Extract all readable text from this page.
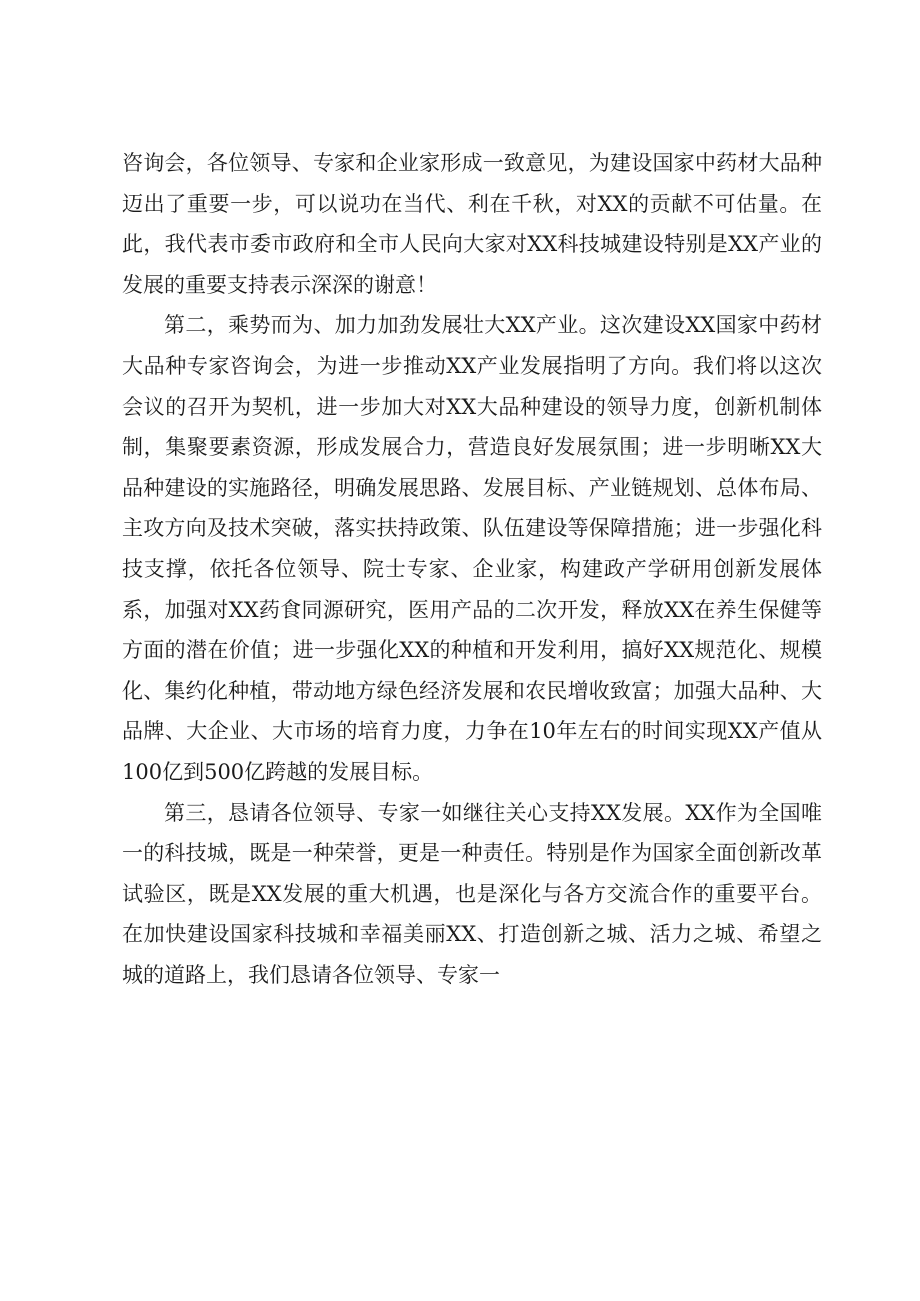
咨询会，各位领导、专家和企业家形成一致意见，为建设国家中药材大品种迈出了重要一步，可以说功在当代、利在千秋，对XX的贡献不可估量。在此，我代表市委市政府和全市人民向大家对XX科技城建设特别是XX产业的发展的重要支持表示深深的谢意！

第二，乘势而为、加力加劲发展壮大XX产业。这次建设XX国家中药材大品种专家咨询会，为进一步推动XX产业发展指明了方向。我们将以这次会议的召开为契机，进一步加大对XX大品种建设的领导力度，创新机制体制，集聚要素资源，形成发展合力，营造良好发展氛围；进一步明晰XX大品种建设的实施路径，明确发展思路、发展目标、产业链规划、总体布局、主攻方向及技术突破，落实扶持政策、队伍建设等保障措施；进一步强化科技支撑，依托各位领导、院士专家、企业家，构建政产学研用创新发展体系，加强对XX药食同源研究，医用产品的二次开发，释放XX在养生保健等方面的潜在价值；进一步强化XX的种植和开发利用，搞好XX规范化、规模化、集约化种植，带动地方绿色经济发展和农民增收致富；加强大品种、大品牌、大企业、大市场的培育力度，力争在10年左右的时间实现XX产值从100亿到500亿跨越的发展目标。

第三，恳请各位领导、专家一如继往关心支持XX发展。XX作为全国唯一的科技城，既是一种荣誉，更是一种责任。特别是作为国家全面创新改革试验区，既是XX发展的重大机遇，也是深化与各方交流合作的重要平台。在加快建设国家科技城和幸福美丽XX、打造创新之城、活力之城、希望之城的道路上，我们恳请各位领导、专家一
